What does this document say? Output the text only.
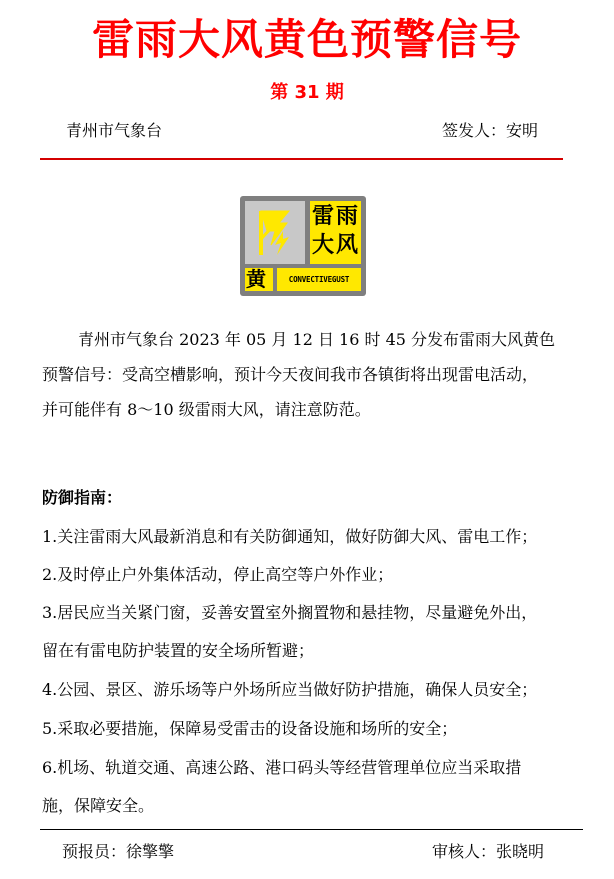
雷雨大风黄色预警信号
第 31 期
青州市气象台	签发人：安明
雷 雨
大 风
黄	CONVECTIVEGUST
青州市气象台 2023 年 05 月 12 日 16 时 45 分发布雷雨大风黄色
预警信号：受高空槽影响，预计今天夜间我市各镇街将出现雷电活动，
并可能伴有 8～10 级雷雨大风，请注意防范。
防御指南：
1.关注雷雨大风最新消息和有关防御通知，做好防御大风、雷电工作；
2.及时停止户外集体活动，停止高空等户外作业；
3.居民应当关紧门窗，妥善安置室外搁置物和悬挂物，尽量避免外出，
留在有雷电防护装置的安全场所暂避；
4.公园、景区、游乐场等户外场所应当做好防护措施，确保人员安全；
5.采取必要措施，保障易受雷击的设备设施和场所的安全；
6.机场、轨道交通、高速公路、港口码头等经营管理单位应当采取措
施，保障安全。
预报员：徐擎擎	审核人：张晓明
